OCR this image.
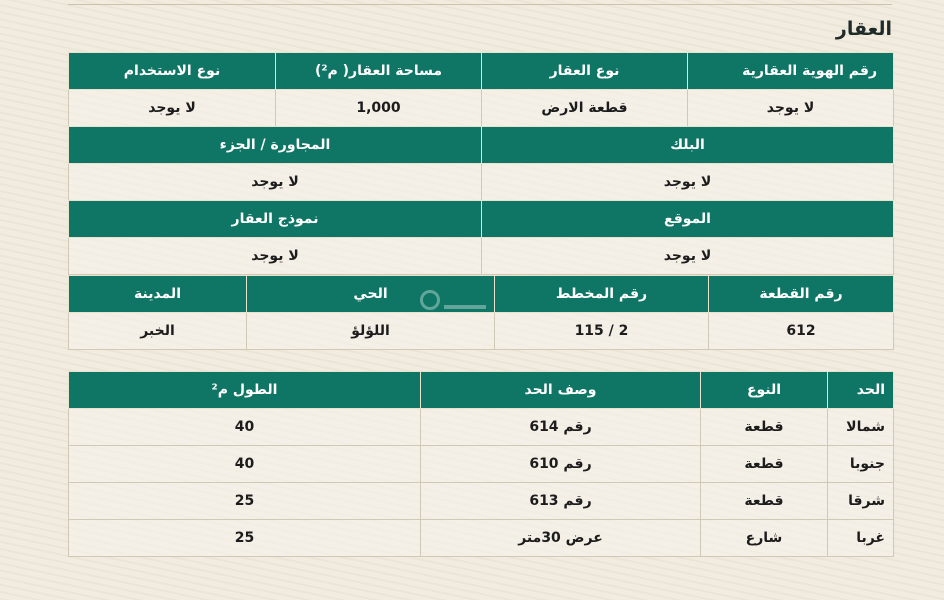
العقار
رقم الهوية العقارية	نوع العقار	مساحة العقار( م²)	نوع الاستخدام
لا يوجد	قطعة الارض	1,000	لا يوجد
البلك	المجاورة / الجزء
لا يوجد	لا يوجد
الموقع	نموذج العقار
لا يوجد	لا يوجد
رقم القطعة	رقم المخطط	الحي	المدينة
612	2 / 115	اللؤلؤ	الخبر
الحد	النوع	وصف الحد	الطول م²
شمالا	قطعة	رقم 614	40
جنوبا	قطعة	رقم 610	40
شرقا	قطعة	رقم 613	25
غربا	شارع	عرض 30متر	25
